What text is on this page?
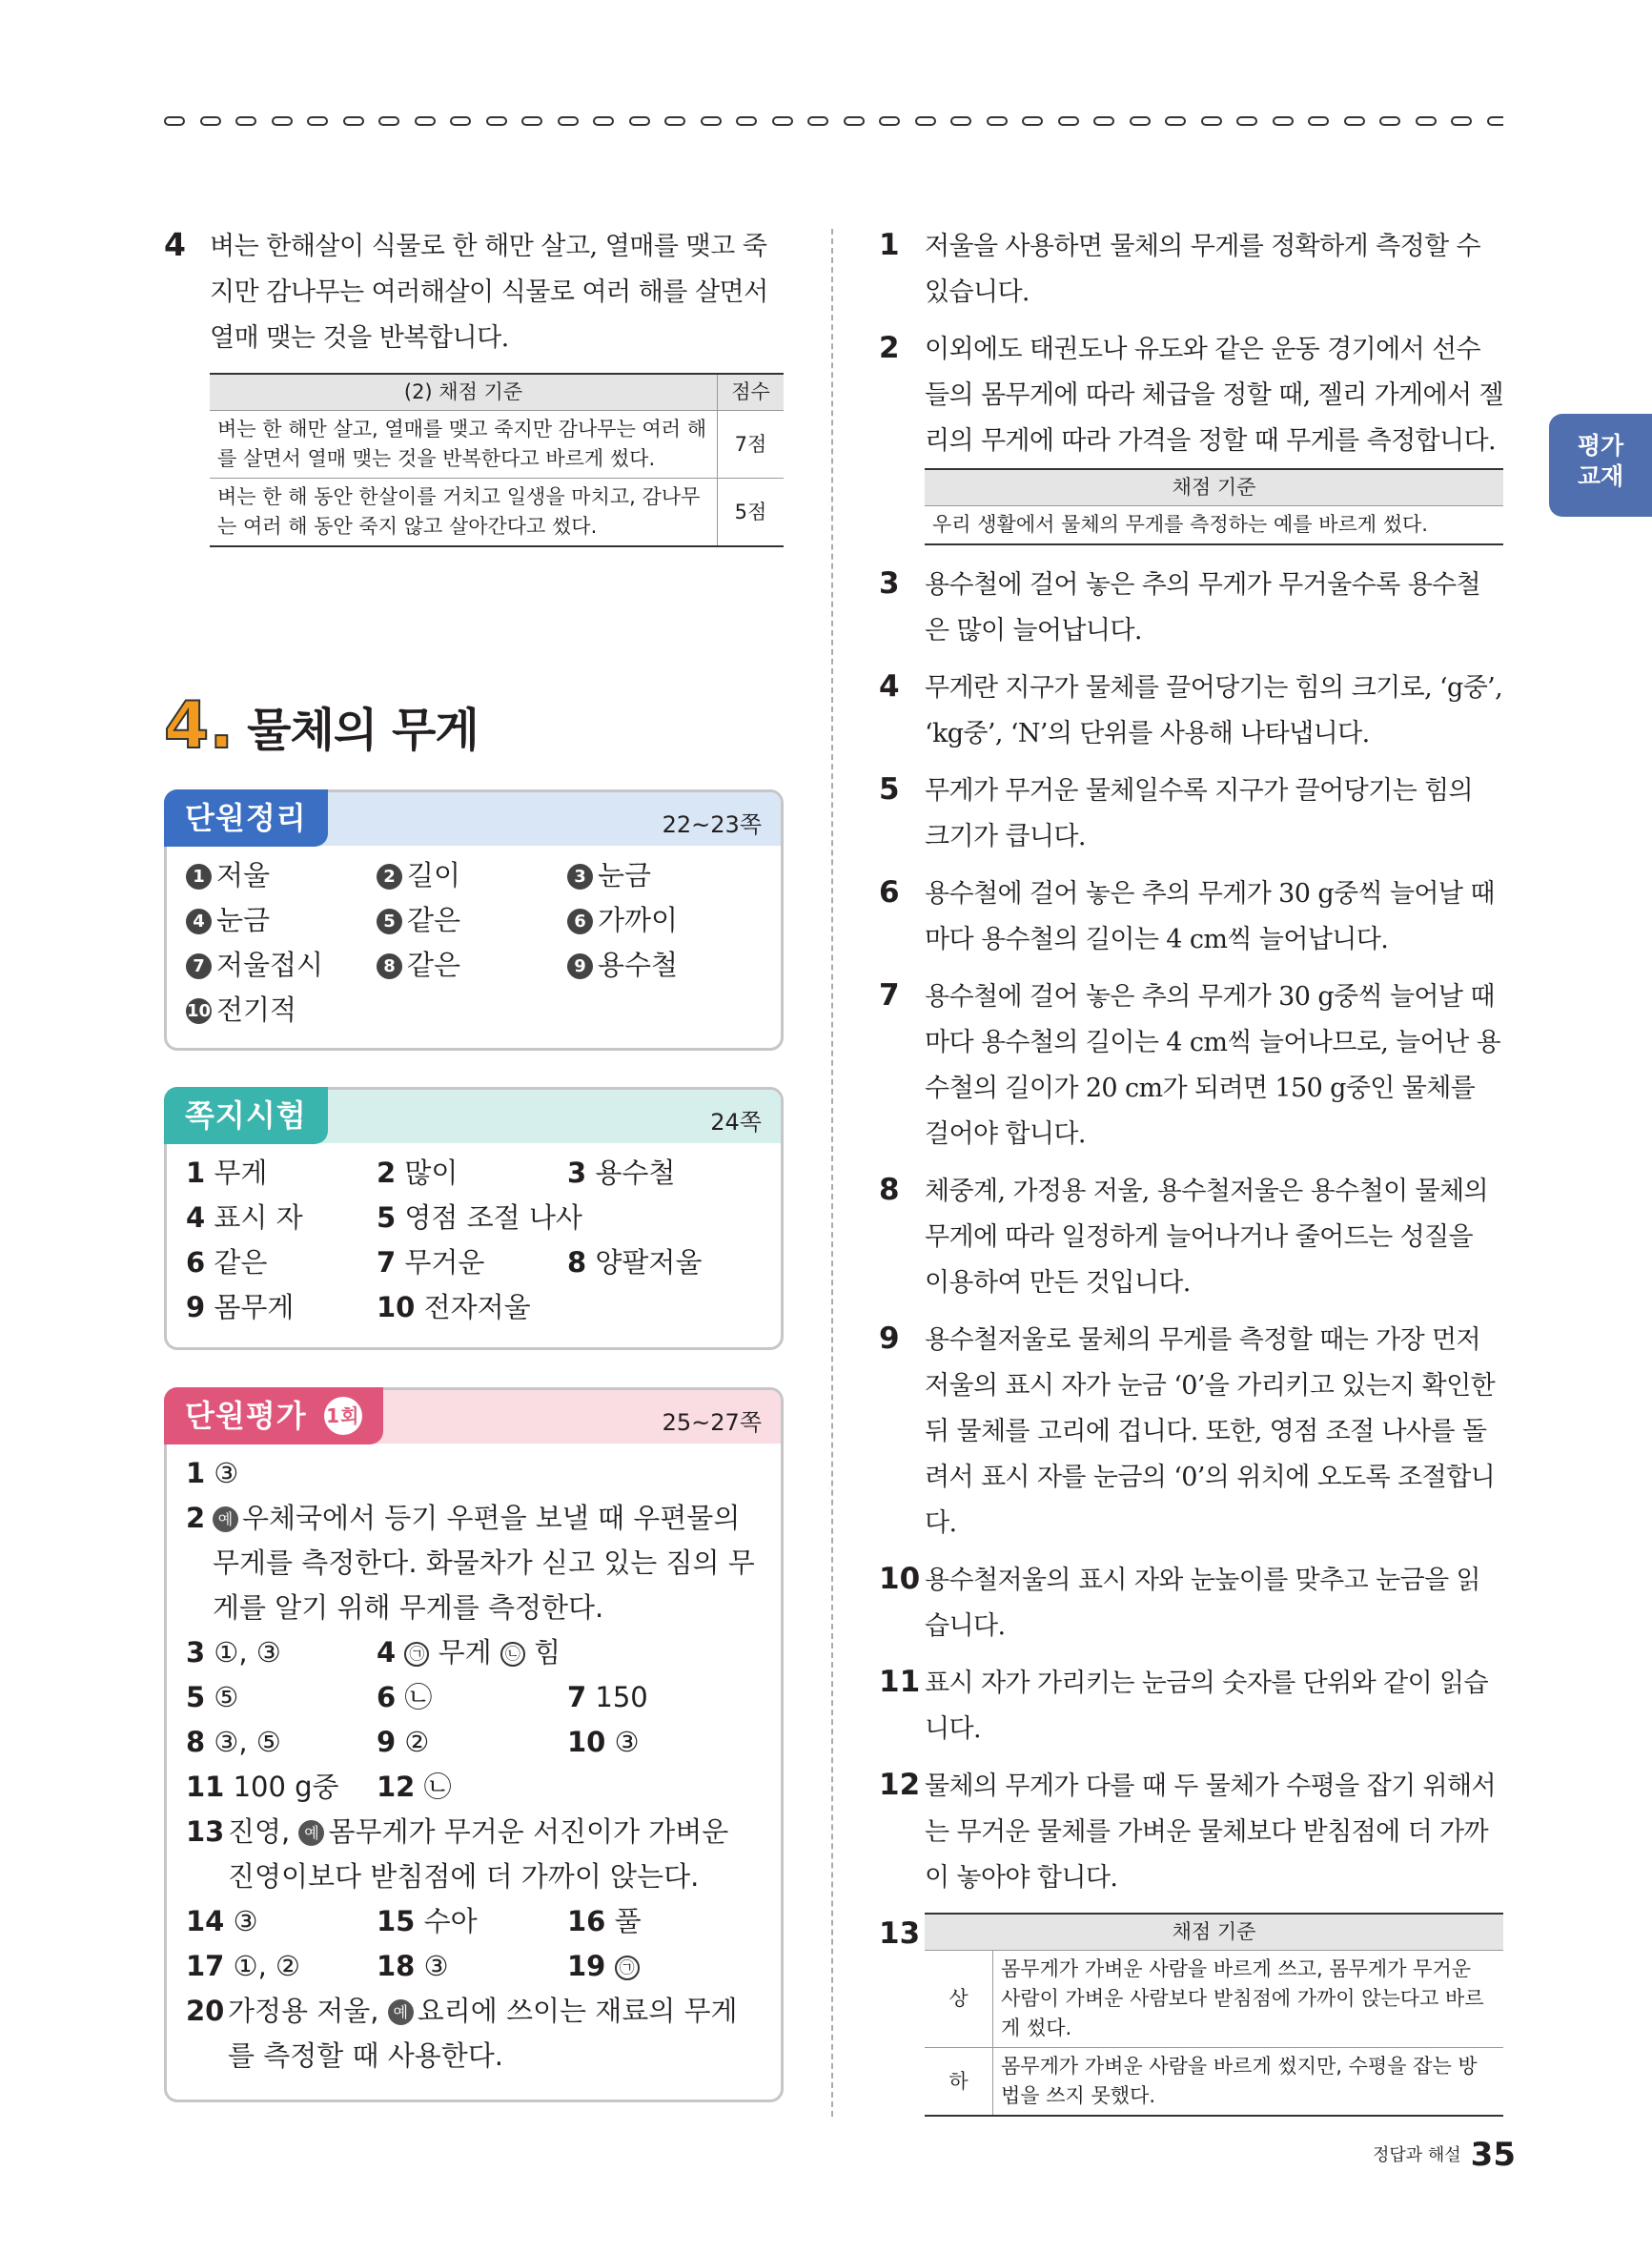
4 벼는 한해살이 식물로 한 해만 살고, 열매를 맺고 죽지만 감나무는 여러해살이 식물로 여러 해를 살면서 열매 맺는 것을 반복합니다.
(2) 채점 기준	점수
벼는 한 해만 살고, 열매를 맺고 죽지만 감나무는 여러 해를 살면서 열매 맺는 것을 반복한다고 바르게 썼다.	7점
벼는 한 해 동안 한살이를 거치고 일생을 마치고, 감나무는 여러 해 동안 죽지 않고 살아간다고 썼다.	5점
4. 물체의 무게
단원정리	22~23쪽
1 저울	2 길이	3 눈금
4 눈금	5 같은	6 가까이
7 저울접시	8 같은	9 용수철
10 전기적
쪽지시험	24쪽
1 무게	2 많이	3 용수철
4 표시 자	5 영점 조절 나사
6 같은	7 무거운	8 양팔저울
9 몸무게	10 전자저울
단원평가 1회	25~27쪽
1 ③
2 예 우체국에서 등기 우편을 보낼 때 우편물의 무게를 측정한다. 화물차가 싣고 있는 짐의 무게를 알기 위해 무게를 측정한다.
3 ①, ③	4 ㉠ 무게 ㉡ 힘
5 ⑤	6 ㉡	7 150
8 ③, ⑤	9 ②	10 ③
11 100 g중	12 ㉡
13 진영, 예 몸무게가 무거운 서진이가 가벼운 진영이보다 받침점에 더 가까이 앉는다.
14 ③	15 수아	16 풀
17 ①, ②	18 ③	19 ㉠
20 가정용 저울, 예 요리에 쓰이는 재료의 무게를 측정할 때 사용한다.
1 저울을 사용하면 물체의 무게를 정확하게 측정할 수 있습니다.
2 이외에도 태권도나 유도와 같은 운동 경기에서 선수들의 몸무게에 따라 체급을 정할 때, 젤리 가게에서 젤리의 무게에 따라 가격을 정할 때 무게를 측정합니다.
채점 기준
우리 생활에서 물체의 무게를 측정하는 예를 바르게 썼다.
3 용수철에 걸어 놓은 추의 무게가 무거울수록 용수철은 많이 늘어납니다.
4 무게란 지구가 물체를 끌어당기는 힘의 크기로, ‘g중’, ‘kg중’, ‘N’의 단위를 사용해 나타냅니다.
5 무게가 무거운 물체일수록 지구가 끌어당기는 힘의 크기가 큽니다.
6 용수철에 걸어 놓은 추의 무게가 30 g중씩 늘어날 때마다 용수철의 길이는 4 cm씩 늘어납니다.
7 용수철에 걸어 놓은 추의 무게가 30 g중씩 늘어날 때마다 용수철의 길이는 4 cm씩 늘어나므로, 늘어난 용수철의 길이가 20 cm가 되려면 150 g중인 물체를 걸어야 합니다.
8 체중계, 가정용 저울, 용수철저울은 용수철이 물체의 무게에 따라 일정하게 늘어나거나 줄어드는 성질을 이용하여 만든 것입니다.
9 용수철저울로 물체의 무게를 측정할 때는 가장 먼저 저울의 표시 자가 눈금 ‘0’을 가리키고 있는지 확인한 뒤 물체를 고리에 겁니다. 또한, 영점 조절 나사를 돌려서 표시 자를 눈금의 ‘0’의 위치에 오도록 조절합니다.
10 용수철저울의 표시 자와 눈높이를 맞추고 눈금을 읽습니다.
11 표시 자가 가리키는 눈금의 숫자를 단위와 같이 읽습니다.
12 물체의 무게가 다를 때 두 물체가 수평을 잡기 위해서는 무거운 물체를 가벼운 물체보다 받침점에 더 가까이 놓아야 합니다.
13	채점 기준	
상	몸무게가 가벼운 사람을 바르게 쓰고, 몸무게가 무거운 사람이 가벼운 사람보다 받침점에 가까이 앉는다고 바르게 썼다.
하	몸무게가 가벼운 사람을 바르게 썼지만, 수평을 잡는 방법을 쓰지 못했다.
평가
교재
정답과 해설 35
